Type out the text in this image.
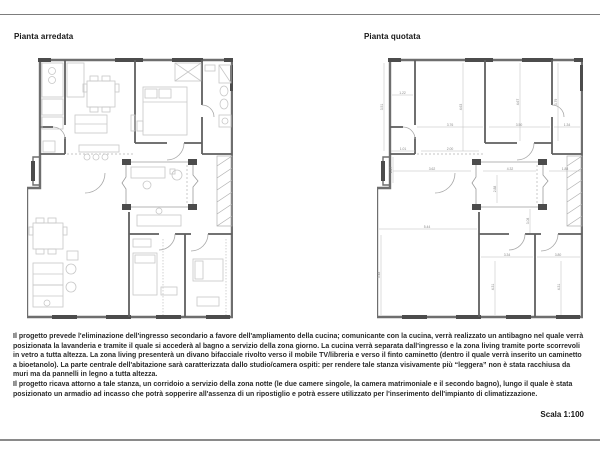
Pianta arredata	Pianta quotata
1.22
3.51
3.76	3.50	1.34
4.63
4.67	3.79
1.37
1.01	2.00
3.62	4.32	1.88
2.88
3.08
5.44
5.48
3.34	3.80
4.31	4.31

Il progetto prevede l'eliminazione dell'ingresso secondario a favore dell'ampliamento della cucina; comunicante con la cucina, verrà realizzato un antibagno nel quale verrà posizionata la lavanderia e tramite il quale si accederà al bagno a servizio della zona giorno. La cucina verrà separata dall'ingresso e la zona living tramite porte scorrevoli in vetro a tutta altezza. La zona living presenterà un divano bifacciale rivolto verso il mobile TV/libreria e verso il finto caminetto (dentro il quale verrà inserito un caminetto a bioetanolo). La parte centrale dell'abitazione sarà caratterizzata dallo studio/camera ospiti: per rendere tale stanza visivamente più “leggera” non è stata racchiusa da muri ma da pannelli in legno a tutta altezza.

Il progetto ricava attorno a tale stanza, un corridoio a servizio della zona notte (le due camere singole, la camera matrimoniale e il secondo bagno), lungo il quale è stata posizionato un armadio ad incasso che potrà sopperire all'assenza di un ripostiglio e potrà essere utilizzato per l'inserimento dell'impianto di climatizzazione.

Scala 1:100
